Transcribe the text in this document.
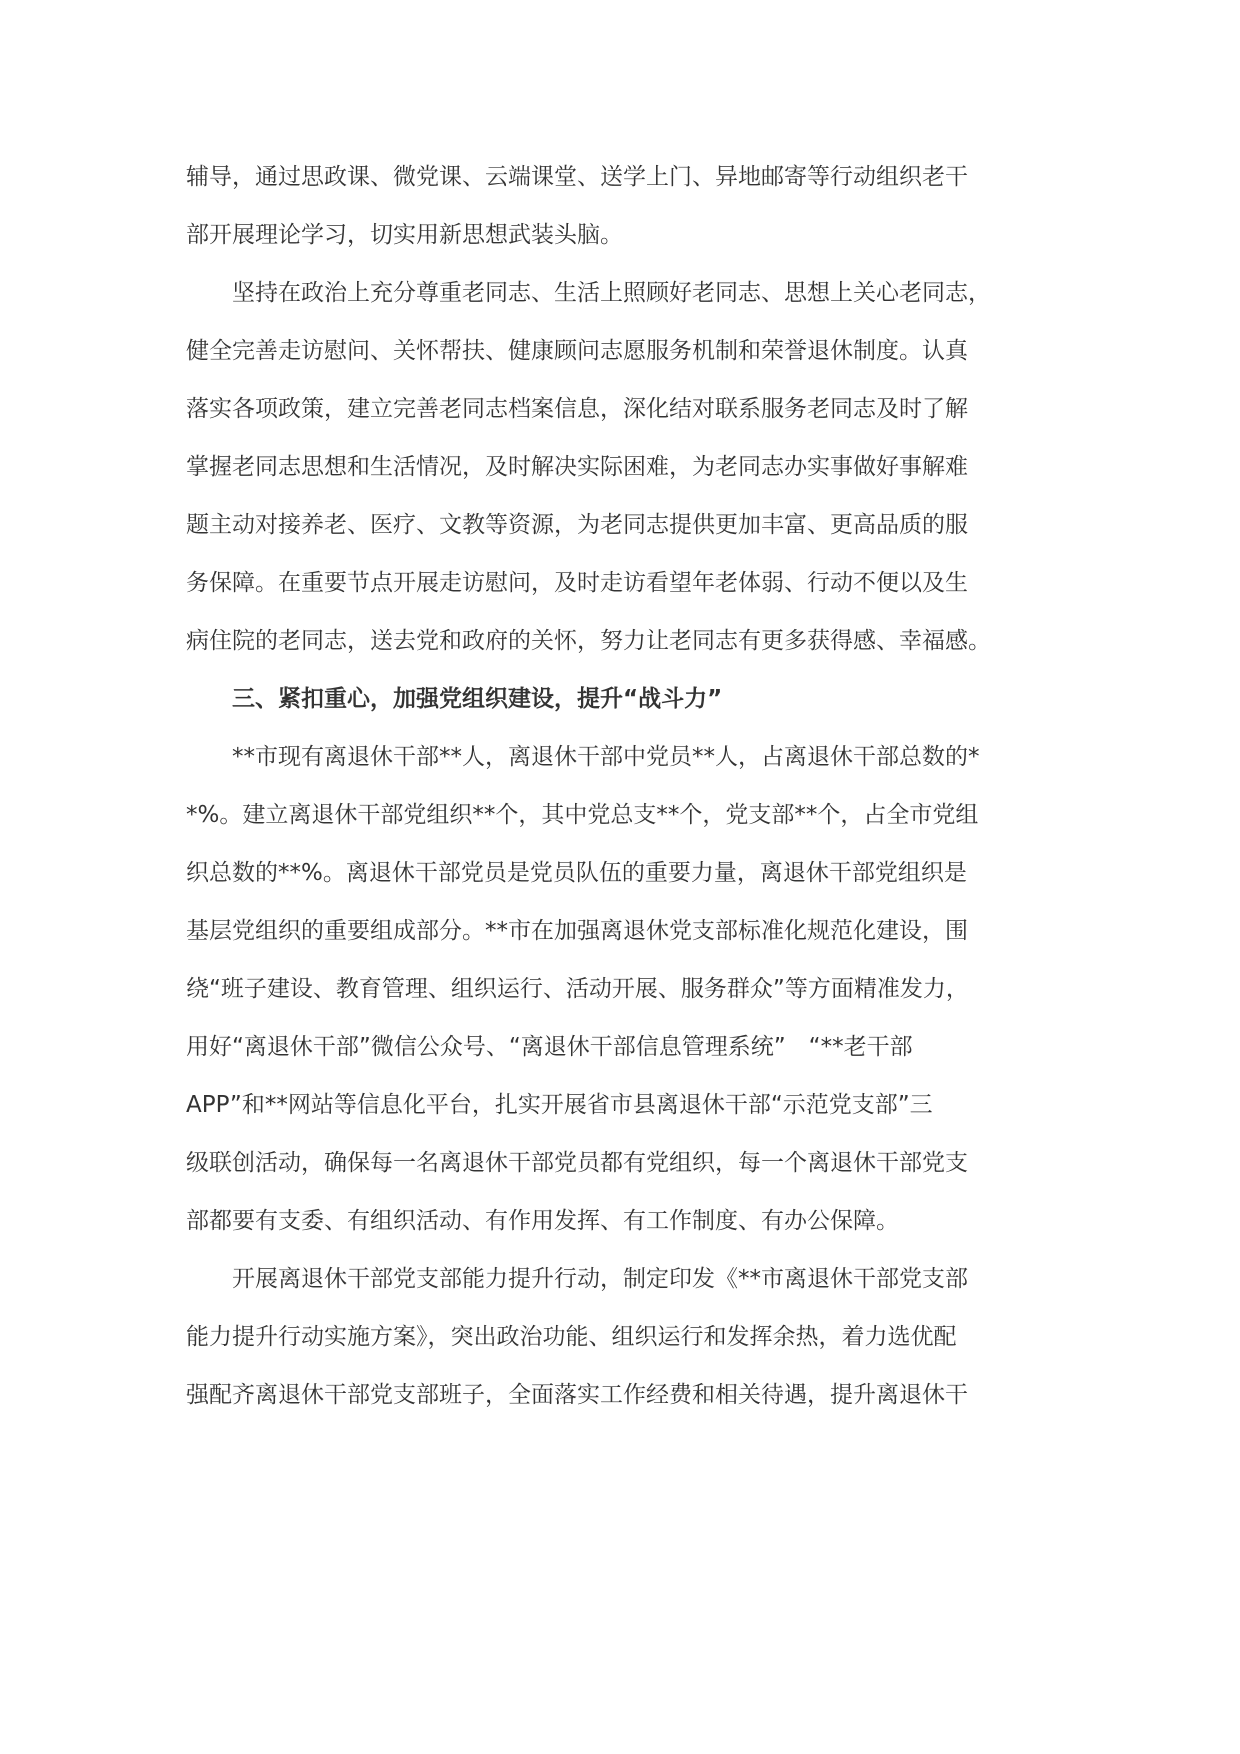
辅导，通过思政课、微党课、云端课堂、送学上门、异地邮寄等行动组织老干

部开展理论学习，切实用新思想武装头脑。

　　坚持在政治上充分尊重老同志、生活上照顾好老同志、思想上关心老同志，

健全完善走访慰问、关怀帮扶、健康顾问志愿服务机制和荣誉退休制度。认真

落实各项政策，建立完善老同志档案信息，深化结对联系服务老同志及时了解

掌握老同志思想和生活情况，及时解决实际困难，为老同志办实事做好事解难

题主动对接养老、医疗、文教等资源，为老同志提供更加丰富、更高品质的服

务保障。在重要节点开展走访慰问，及时走访看望年老体弱、行动不便以及生

病住院的老同志，送去党和政府的关怀，努力让老同志有更多获得感、幸福感。

　　三、紧扣重心，加强党组织建设，提升“战斗力”

　　**市现有离退休干部**人，离退休干部中党员**人，占离退休干部总数的*

*%。建立离退休干部党组织**个，其中党总支**个，党支部**个，占全市党组

织总数的**%。离退休干部党员是党员队伍的重要力量，离退休干部党组织是

基层党组织的重要组成部分。**市在加强离退休党支部标准化规范化建设，围

绕“班子建设、教育管理、组织运行、活动开展、服务群众”等方面精准发力，

用好“离退休干部”微信公众号、“离退休干部信息管理系统”　“**老干部

APP”和**网站等信息化平台，扎实开展省市县离退休干部“示范党支部”三

级联创活动，确保每一名离退休干部党员都有党组织，每一个离退休干部党支

部都要有支委、有组织活动、有作用发挥、有工作制度、有办公保障。

　　开展离退休干部党支部能力提升行动，制定印发《**市离退休干部党支部

能力提升行动实施方案》，突出政治功能、组织运行和发挥余热，着力选优配

强配齐离退休干部党支部班子，全面落实工作经费和相关待遇，提升离退休干
